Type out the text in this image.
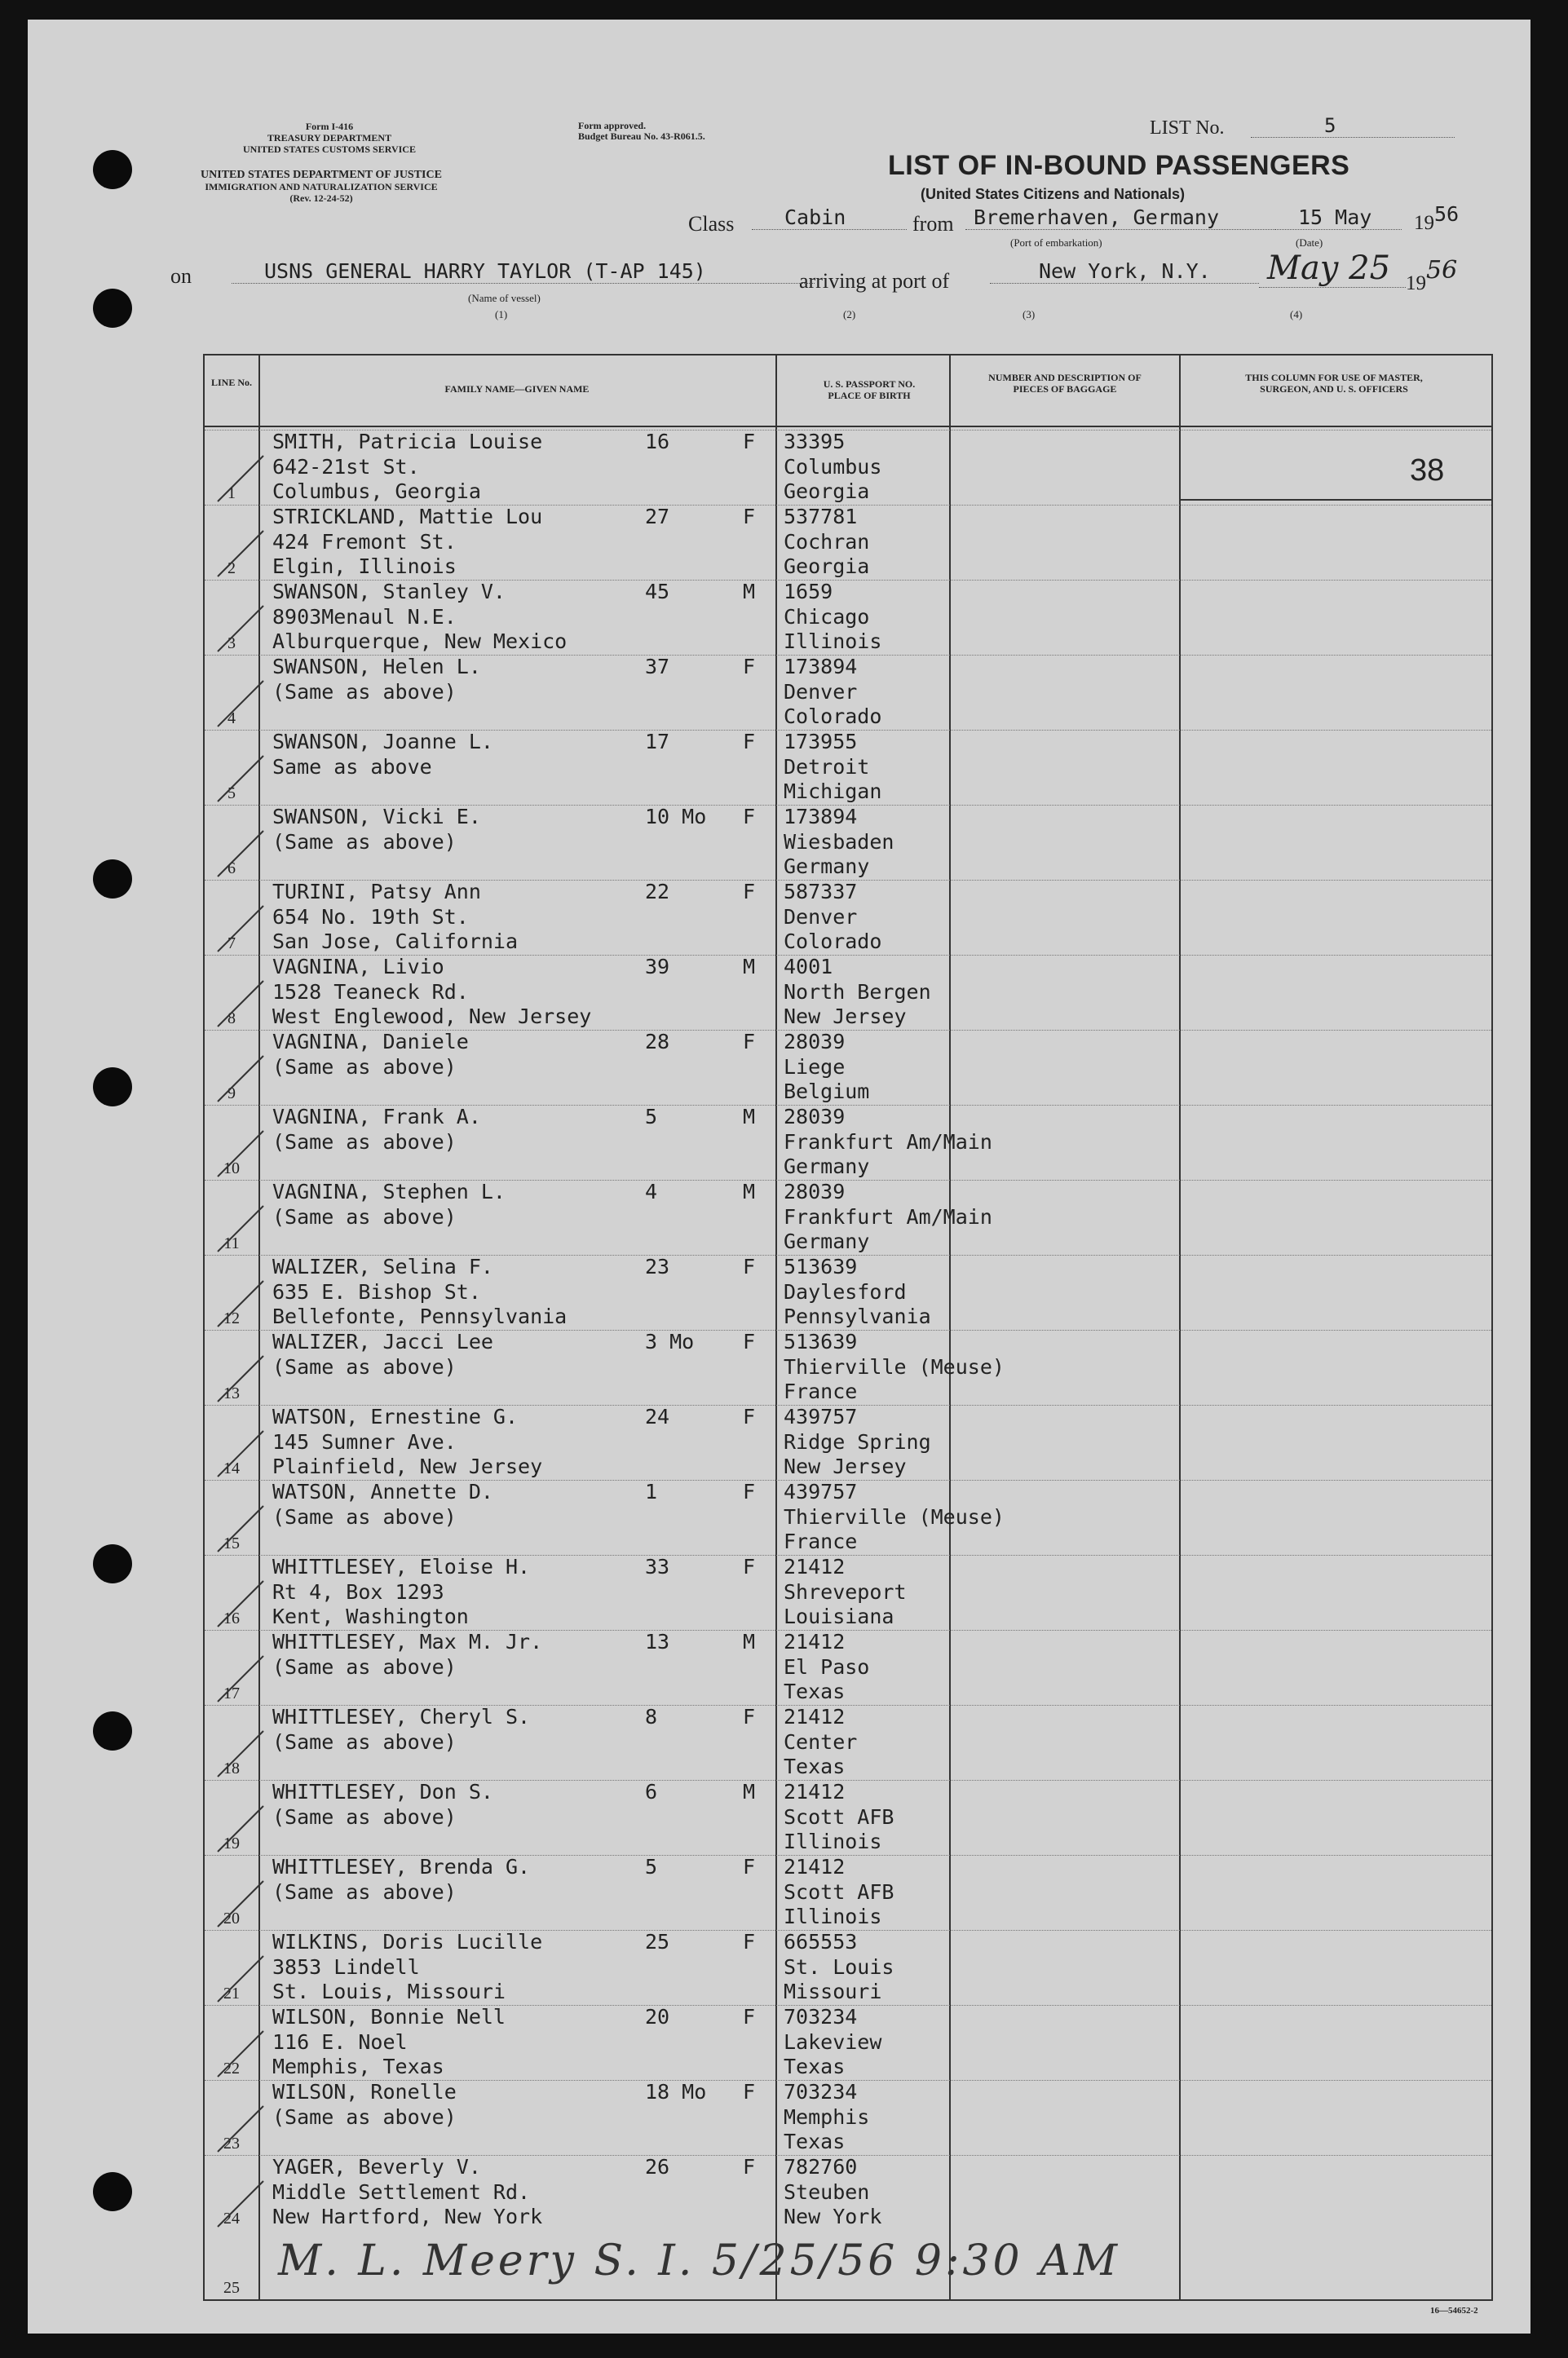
Form I-416
TREASURY DEPARTMENT
UNITED STATES CUSTOMS SERVICE
UNITED STATES DEPARTMENT OF JUSTICE
IMMIGRATION AND NATURALIZATION SERVICE
(Rev. 12-24-52)
Form approved.
Budget Bureau No. 43-R061.5.	LIST No.	5
LIST OF IN-BOUND PASSENGERS
(United States Citizens and Nationals)
Class	Cabin	from Bremerhaven, Germany	15 May	1956
(Port of embarkation)	(Date)
on	USNS GENERAL HARRY TAYLOR (T-AP 145)	arriving at port of	New York, N.Y.	May 25 1956
(Name of vessel)
(1)	(2)	(3)	(4)
LINE No.
FAMILY NAME—GIVEN NAME	U. S. PASSPORT NO. PLACE OF BIRTH
NUMBER AND DESCRIPTION OF PIECES OF BAGGAGE
THIS COLUMN FOR USE OF MASTER, SURGEON, AND U. S. OFFICERS
38
1
SMITH, Patricia Louise
642-21st St.
Columbus, Georgia
16	F 33395
Columbus
Georgia
2
STRICKLAND, Mattie Lou
424 Fremont St.
Elgin, Illinois
27	F 537781
Cochran
Georgia
3
SWANSON, Stanley V.
8903Menaul N.E.
Alburquerque, New Mexico
45	M 1659
Chicago
Illinois
4
SWANSON, Helen L.
(Same as above)
37	F 173894
Denver
Colorado
5
SWANSON, Joanne L.
Same as above
17	F 173955
Detroit
Michigan
6
SWANSON, Vicki E.
(Same as above)
10 Mo F 173894
Wiesbaden
Germany
7
TURINI, Patsy Ann
654 No. 19th St.
San Jose, California
22	F 587337
Denver
Colorado
8
VAGNINA, Livio
1528 Teaneck Rd.
West Englewood, New Jersey
39	M 4001
North Bergen
New Jersey
9
VAGNINA, Daniele
(Same as above)
28	F 28039
Liege
Belgium
10
VAGNINA, Frank A.
(Same as above)
5	M 28039
Frankfurt Am/Main
Germany
11
VAGNINA, Stephen L.
(Same as above)
4	M 28039
Frankfurt Am/Main
Germany
12
WALIZER, Selina F.
635 E. Bishop St.
Bellefonte, Pennsylvania
23	F 513639
Daylesford
Pennsylvania
13
WALIZER, Jacci Lee
(Same as above)
3 Mo F 513639
Thierville (Meuse)
France
14
WATSON, Ernestine G.
145 Sumner Ave.
Plainfield, New Jersey
24	F 439757
Ridge Spring
New Jersey
15
WATSON, Annette D.
(Same as above)
1	F 439757
Thierville (Meuse)
France
16
WHITTLESEY, Eloise H.
Rt 4, Box 1293
Kent, Washington
33	F 21412
Shreveport
Louisiana
17
WHITTLESEY, Max M. Jr.
(Same as above)
13	M 21412
El Paso
Texas
18
WHITTLESEY, Cheryl S.
(Same as above)
8	F 21412
Center
Texas
19
WHITTLESEY, Don S.
(Same as above)
6	M 21412
Scott AFB
Illinois
20
WHITTLESEY, Brenda G.
(Same as above)
5	F 21412
Scott AFB
Illinois
21
WILKINS, Doris Lucille
3853 Lindell
St. Louis, Missouri
25	F 665553
St. Louis
Missouri
22
WILSON, Bonnie Nell
116 E. Noel
Memphis, Texas
20	F 703234
Lakeview
Texas
23
WILSON, Ronelle
(Same as above)
18 Mo F 703234
Memphis
Texas
24
YAGER, Beverly V.
Middle Settlement Rd.
New Hartford, New York
26	F 782760
Steuben
New York
25
M. L. Meery S. I. 5/25/56 9:30 AM
16—54652-2
